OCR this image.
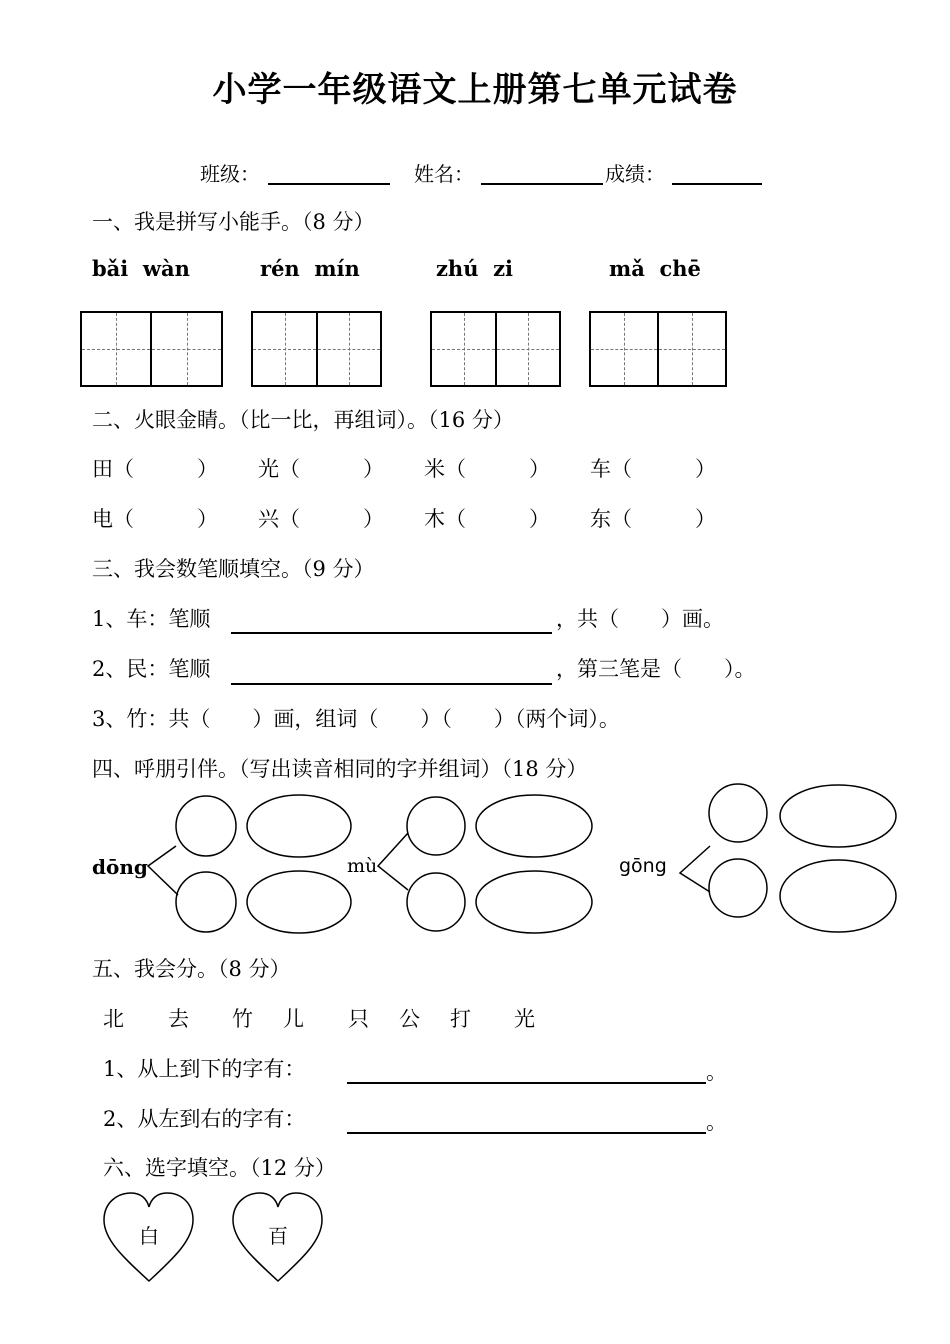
小学一年级语文上册第七单元试卷
班级：	姓名：	成绩：
一、我是拼写小能手。（8 分）
bǎi  wàn	rén  mín	zhú  zi	mǎ  chē
二、火眼金睛。（比一比，再组词）。（16 分）
田（　　　） 光（　　　） 米（　　　） 车（　　　）
电（　　　） 兴（　　　） 木（　　　） 东（　　　）
三、我会数笔顺填空。（9 分）
1、车：笔顺	，共（　　）画。
2、民：笔顺	，第三笔是（　　）。
3、竹：共（　　）画，组词（　　）（　　）（两个词）。
四、呼朋引伴。（写出读音相同的字并组词）（18 分）
dōng	mù	gōng
五、我会分。（8 分）
北 去 竹 儿 只 公 打 光
1、从上到下的字有：	。
2、从左到右的字有：	。
六、选字填空。（12 分）
白	百
